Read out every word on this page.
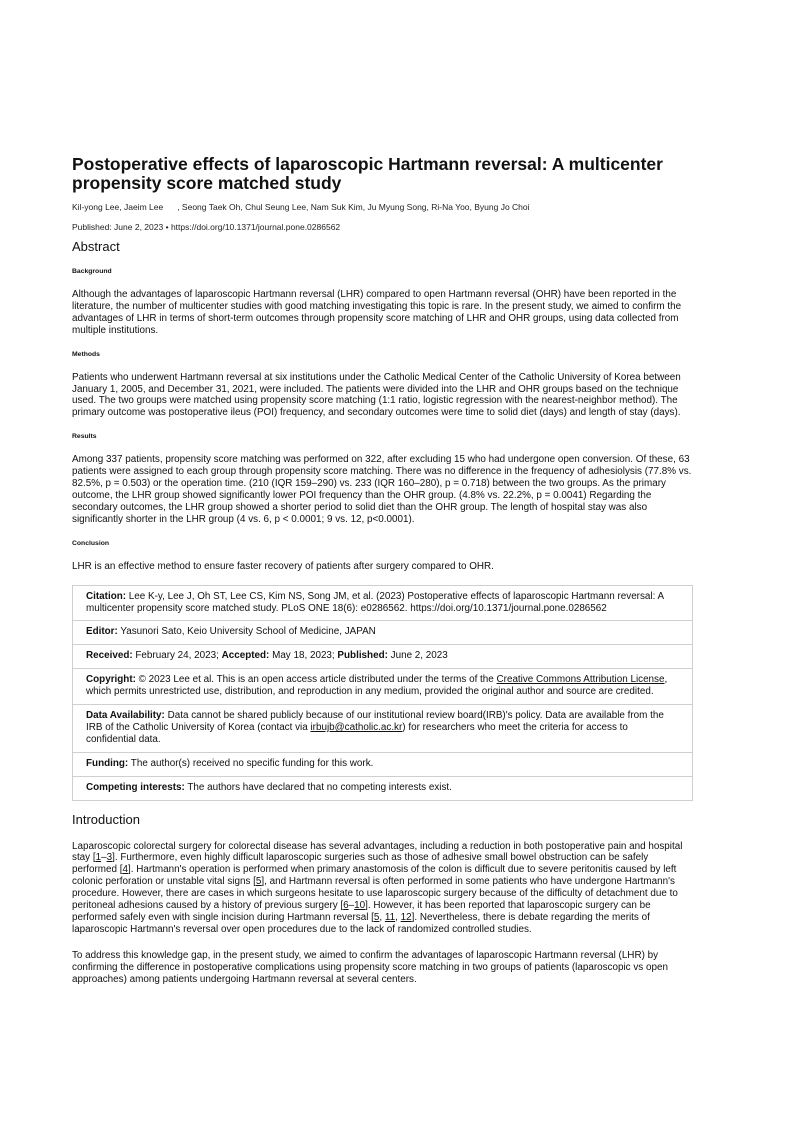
Postoperative effects of laparoscopic Hartmann reversal: A multicenter propensity score matched study
Kil-yong Lee, Jaeim Lee , Seong Taek Oh, Chul Seung Lee, Nam Suk Kim, Ju Myung Song, Ri-Na Yoo, Byung Jo Choi
Published: June 2, 2023 • https://doi.org/10.1371/journal.pone.0286562
Abstract
Background
Although the advantages of laparoscopic Hartmann reversal (LHR) compared to open Hartmann reversal (OHR) have been reported in the literature, the number of multicenter studies with good matching investigating this topic is rare. In the present study, we aimed to confirm the advantages of LHR in terms of short-term outcomes through propensity score matching of LHR and OHR groups, using data collected from multiple institutions.
Methods
Patients who underwent Hartmann reversal at six institutions under the Catholic Medical Center of the Catholic University of Korea between January 1, 2005, and December 31, 2021, were included. The patients were divided into the LHR and OHR groups based on the technique used. The two groups were matched using propensity score matching (1:1 ratio, logistic regression with the nearest-neighbor method). The primary outcome was postoperative ileus (POI) frequency, and secondary outcomes were time to solid diet (days) and length of stay (days).
Results
Among 337 patients, propensity score matching was performed on 322, after excluding 15 who had undergone open conversion. Of these, 63 patients were assigned to each group through propensity score matching. There was no difference in the frequency of adhesiolysis (77.8% vs. 82.5%, p = 0.503) or the operation time. (210 (IQR 159–290) vs. 233 (IQR 160–280), p = 0.718) between the two groups. As the primary outcome, the LHR group showed significantly lower POI frequency than the OHR group. (4.8% vs. 22.2%, p = 0.0041) Regarding the secondary outcomes, the LHR group showed a shorter period to solid diet than the OHR group. The length of hospital stay was also significantly shorter in the LHR group (4 vs. 6, p < 0.0001; 9 vs. 12, p<0.0001).
Conclusion
LHR is an effective method to ensure faster recovery of patients after surgery compared to OHR.
Citation: Lee K-y, Lee J, Oh ST, Lee CS, Kim NS, Song JM, et al. (2023) Postoperative effects of laparoscopic Hartmann reversal: A multicenter propensity score matched study. PLoS ONE 18(6): e0286562. https://doi.org/10.1371/journal.pone.0286562
Editor: Yasunori Sato, Keio University School of Medicine, JAPAN
Received: February 24, 2023; Accepted: May 18, 2023; Published: June 2, 2023
Copyright: © 2023 Lee et al. This is an open access article distributed under the terms of the Creative Commons Attribution License, which permits unrestricted use, distribution, and reproduction in any medium, provided the original author and source are credited.
Data Availability: Data cannot be shared publicly because of our institutional review board(IRB)'s policy. Data are available from the IRB of the Catholic University of Korea (contact via irbujb@catholic.ac.kr) for researchers who meet the criteria for access to confidential data.
Funding: The author(s) received no specific funding for this work.
Competing interests: The authors have declared that no competing interests exist.
Introduction
Laparoscopic colorectal surgery for colorectal disease has several advantages, including a reduction in both postoperative pain and hospital stay [1–3]. Furthermore, even highly difficult laparoscopic surgeries such as those of adhesive small bowel obstruction can be safely performed [4]. Hartmann's operation is performed when primary anastomosis of the colon is difficult due to severe peritonitis caused by left colonic perforation or unstable vital signs [5], and Hartmann reversal is often performed in some patients who have undergone Hartmann's procedure. However, there are cases in which surgeons hesitate to use laparoscopic surgery because of the difficulty of detachment due to peritoneal adhesions caused by a history of previous surgery [6–10]. However, it has been reported that laparoscopic surgery can be performed safely even with single incision during Hartmann reversal [5, 11, 12]. Nevertheless, there is debate regarding the merits of laparoscopic Hartmann's reversal over open procedures due to the lack of randomized controlled studies.
To address this knowledge gap, in the present study, we aimed to confirm the advantages of laparoscopic Hartmann reversal (LHR) by confirming the difference in postoperative complications using propensity score matching in two groups of patients (laparoscopic vs open approaches) among patients undergoing Hartmann reversal at several centers.
